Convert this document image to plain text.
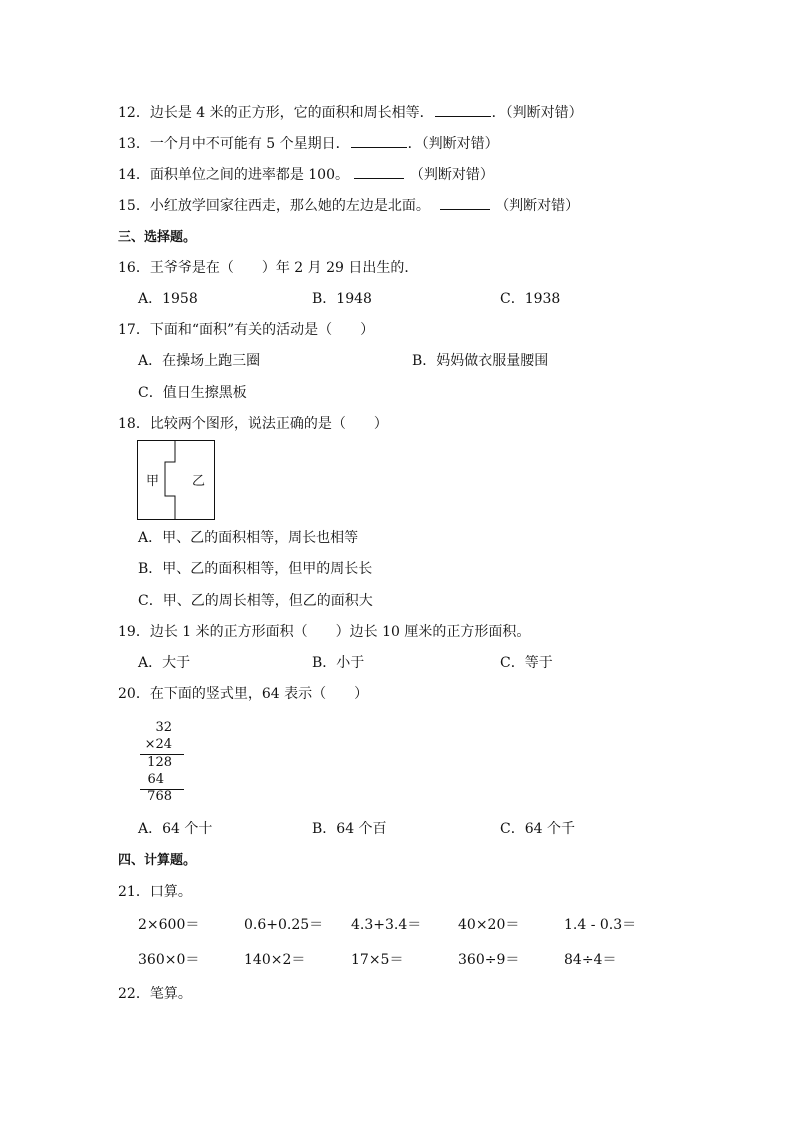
12．边长是 4 米的正方形，它的面积和周长相等．	．（判断对错）
13．一个月中不可能有 5 个星期日．	．（判断对错）
14．面积单位之间的进率都是 100。	（判断对错）
15．小红放学回家往西走，那么她的左边是北面。	（判断对错）
三、选择题。
16．王爷爷是在（　　）年 2 月 29 日出生的．
A．1958	B．1948	C．1938
17．下面和“面积”有关的活动是（　　）
A．在操场上跑三圈	B．妈妈做衣服量腰围
C．值日生擦黑板
18．比较两个图形，说法正确的是（　　）
甲	乙
A．甲、乙的面积相等，周长也相等
B．甲、乙的面积相等，但甲的周长长
C．甲、乙的周长相等，但乙的面积大
19．边长 1 米的正方形面积（　　）边长 10 厘米的正方形面积。
A．大于	B．小于	C．等于
20．在下面的竖式里，64 表示（　　）
32
×24
128
64
768
A．64 个十	B．64 个百	C．64 个千
四、计算题。
21．口算。
2×600＝	0.6+0.25＝ 4.3+3.4＝	40×20＝	1.4 - 0.3＝
360×0＝	140×2＝	17×5＝	360÷9＝	84÷4＝
22．笔算。
